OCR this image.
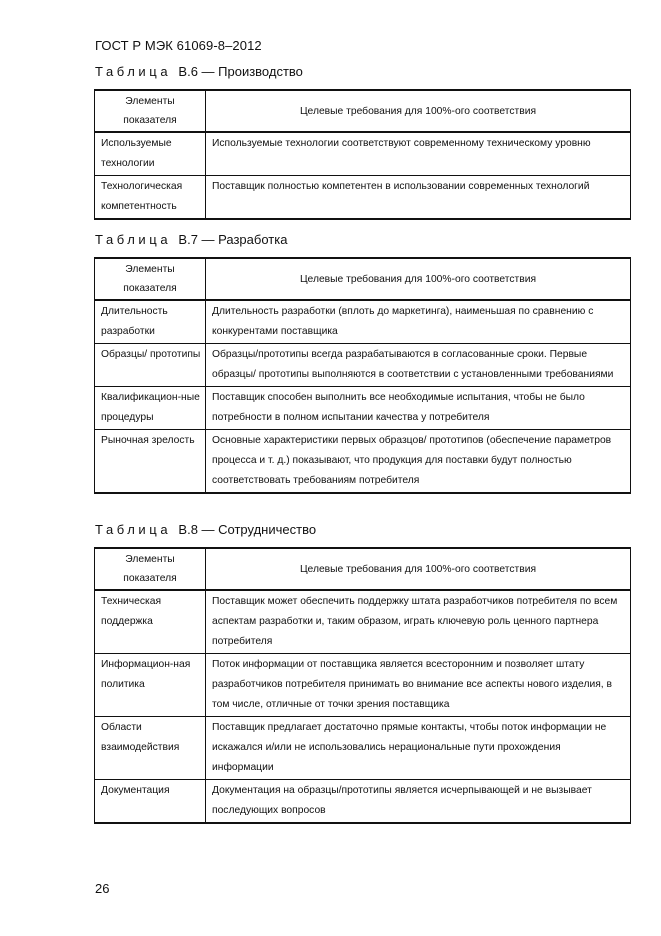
ГОСТ Р МЭК 61069-8–2012
Таблица В.6 — Производство
Элементы показателя	Целевые требования для 100%-ого соответствия
Используемые технологии	Используемые технологии соответствуют современному техническому уровню
Технологическая компетентность	Поставщик полностью компетентен в использовании современных технологий
Таблица В.7 — Разработка
Элементы показателя	Целевые требования для 100%-ого соответствия
Длительность разработки	Длительность разработки (вплоть до маркетинга), наименьшая по сравнению с конкурентами поставщика
Образцы/ прототипы	Образцы/прототипы всегда разрабатываются в согласованные сроки. Первые образцы/ прототипы выполняются в соответствии с установленными требованиями
Квалификацион-ные процедуры	Поставщик способен выполнить все необходимые испытания, чтобы не было потребности в полном испытании качества у потребителя
Рыночная зрелость	Основные характеристики первых образцов/ прототипов (обеспечение параметров процесса и т. д.) показывают, что продукция для поставки будут полностью соответствовать требованиям потребителя
Таблица В.8 — Сотрудничество
Элементы показателя	Целевые требования для 100%-ого соответствия
Техническая поддержка	Поставщик может обеспечить поддержку штата разработчиков потребителя по всем аспектам разработки и, таким образом, играть ключевую роль ценного партнера потребителя
Информацион-ная политика	Поток информации от поставщика является всесторонним и позволяет штату разработчиков потребителя принимать во внимание все аспекты нового изделия, в том числе, отличные от точки зрения поставщика
Области взаимодействия	Поставщик предлагает достаточно прямые контакты, чтобы поток информации не искажался и/или не использовались нерациональные пути прохождения информации
Документация	Документация на образцы/прототипы является исчерпывающей и не вызывает последующих вопросов
26
